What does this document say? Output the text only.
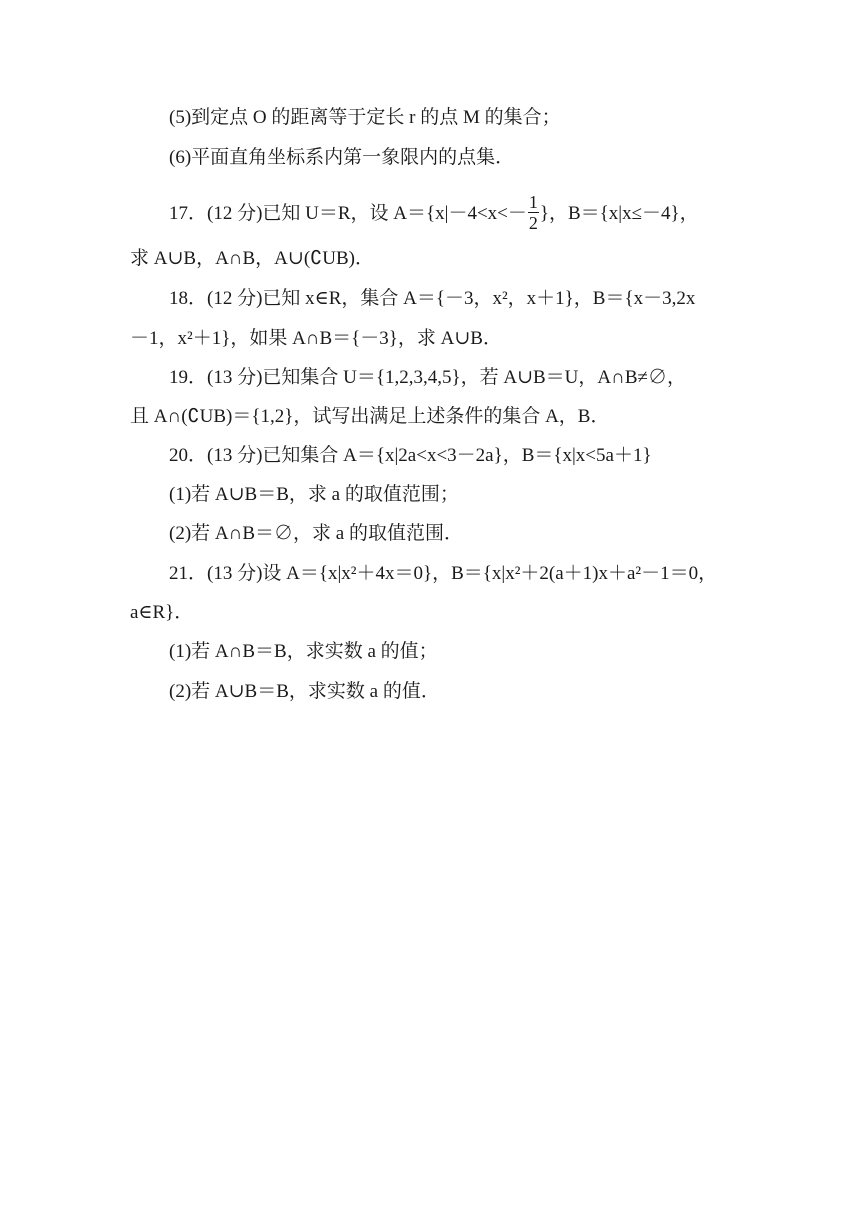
(5)到定点 O 的距离等于定长 r 的点 M 的集合；
(6)平面直角坐标系内第一象限内的点集．
17．(12 分)已知 U＝R，设 $A=\{x|-4<x<- \frac{1}{2}$ }，B＝{x|x≤－4}，
求 A∪B，A∩B，A∪(∁UB)．
18．(12 分)已知 x∈R，集合 A＝{－3，x²，x＋1}，B＝{x－3,2x
－1，x²＋1}，如果 A∩B＝{－3}，求 A∪B．
19．(13 分)已知集合 U＝{1,2,3,4,5}，若 A∪B＝U，A∩B≠∅，
且 A∩(∁UB)＝{1,2}，试写出满足上述条件的集合 A，B．
20．(13 分)已知集合 A＝{x|2a<x<3－2a}，B＝{x|x<5a＋1}
(1)若 A∪B＝B，求 a 的取值范围；
(2)若 A∩B＝∅，求 a 的取值范围．
21．(13 分)设 A＝{x|x²＋4x＝0}，B＝{x|x²＋2(a＋1)x＋a²－1＝0，
a∈R}．
(1)若 A∩B＝B，求实数 a 的值；
(2)若 A∪B＝B，求实数 a 的值．
